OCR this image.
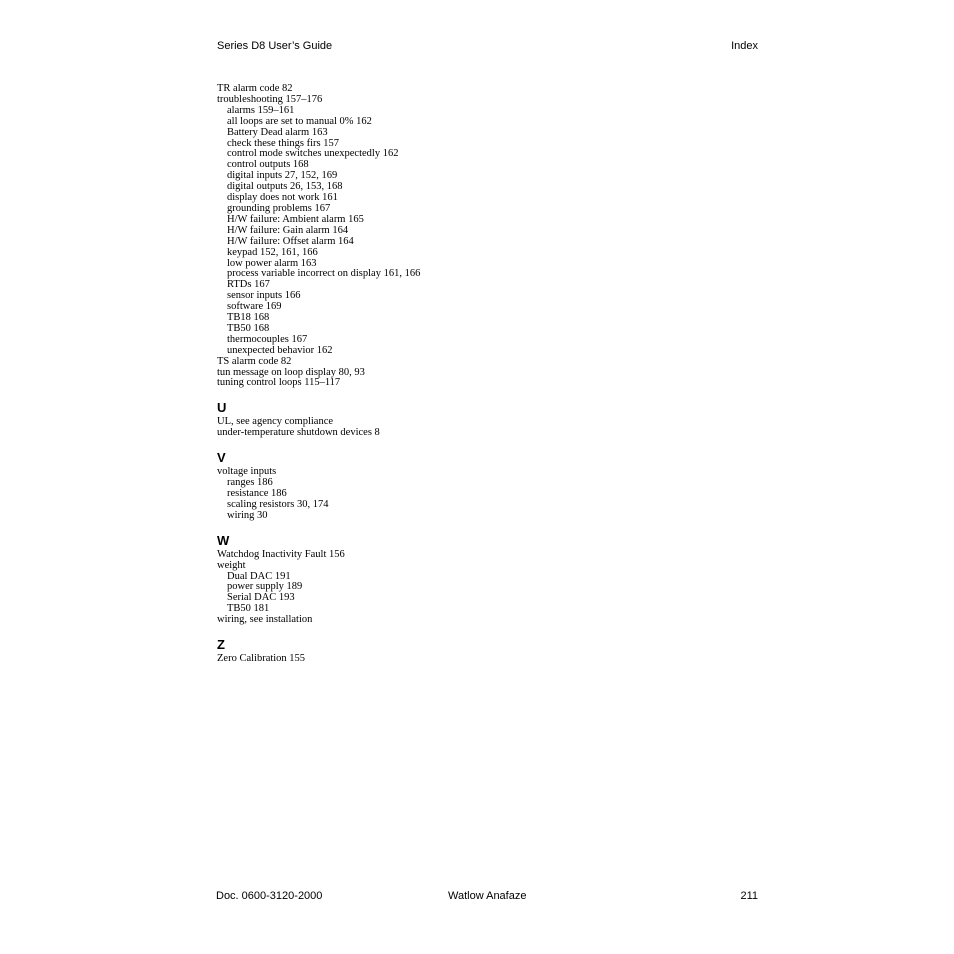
Series D8 User’s Guide	Index
TR alarm code 82
troubleshooting 157–176
alarms 159–161
all loops are set to manual 0% 162
Battery Dead alarm 163
check these things firs 157
control mode switches unexpectedly 162
control outputs 168
digital inputs 27, 152, 169
digital outputs 26, 153, 168
display does not work 161
grounding problems 167
H/W failure: Ambient alarm 165
H/W failure: Gain alarm 164
H/W failure: Offset alarm 164
keypad 152, 161, 166
low power alarm 163
process variable incorrect on display 161, 166
RTDs 167
sensor inputs 166
software 169
TB18 168
TB50 168
thermocouples 167
unexpected behavior 162
TS alarm code 82
tun message on loop display 80, 93
tuning control loops 115–117
U
UL, see agency compliance
under-temperature shutdown devices 8
V
voltage inputs
ranges 186
resistance 186
scaling resistors 30, 174
wiring 30
W
Watchdog Inactivity Fault 156
weight
Dual DAC 191
power supply 189
Serial DAC 193
TB50 181
wiring, see installation
Z
Zero Calibration 155
Doc. 0600-3120-2000	Watlow Anafaze	211
